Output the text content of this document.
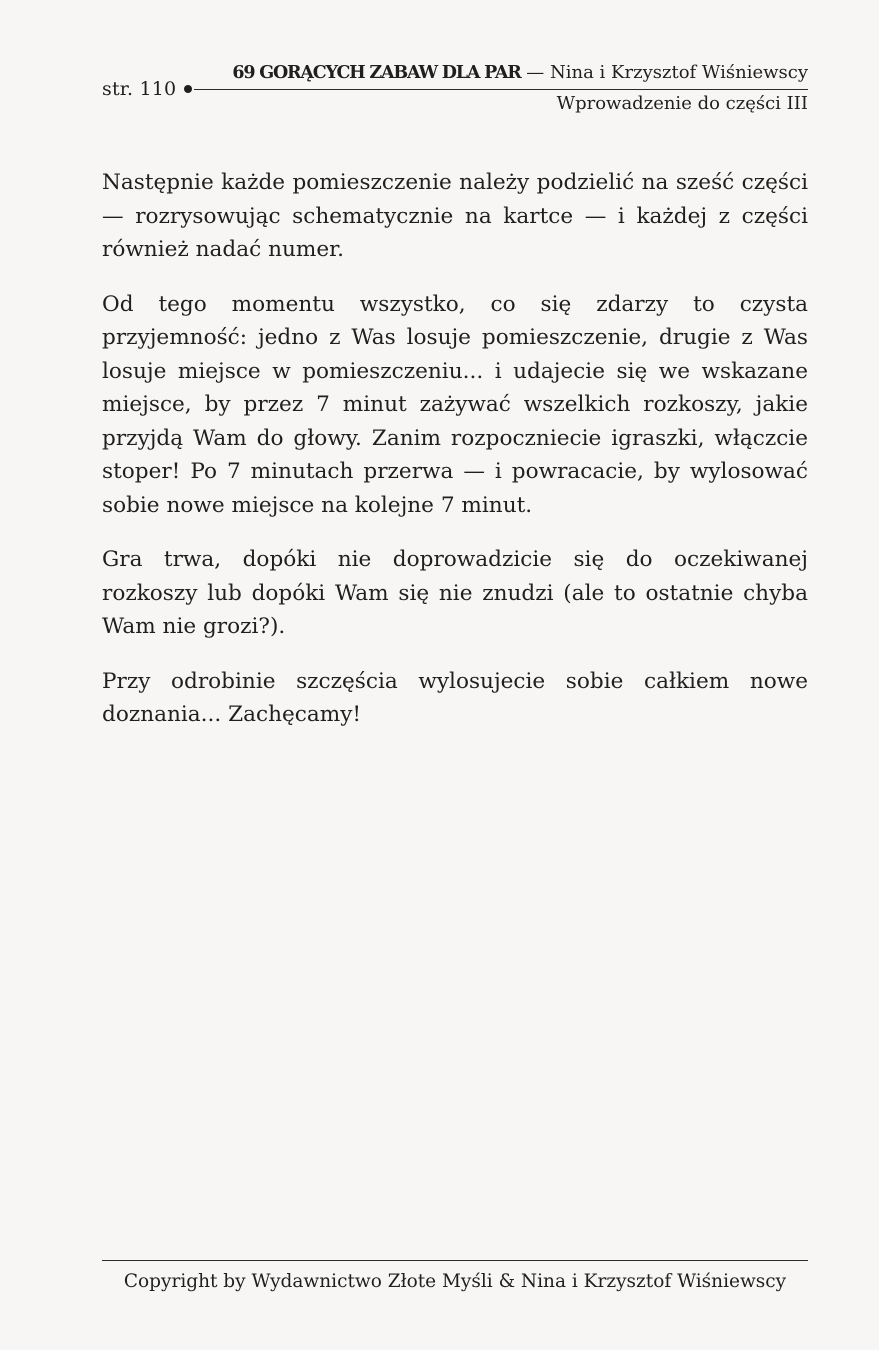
str. 110
69 GORĄCYCH ZABAW DLA PAR — Nina i Krzysztof Wiśniewscy
Wprowadzenie do części III

Następnie każde pomieszczenie należy podzielić na sześć części — rozrysowując schematycznie na kartce — i każdej z części również nadać numer.

Od tego momentu wszystko, co się zdarzy to czysta przyjemność: jedno z Was losuje pomieszczenie, drugie z Was losuje miejsce w pomieszczeniu... i udajecie się we wskazane miejsce, by przez 7 minut zażywać wszelkich rozkoszy, jakie przyjdą Wam do głowy. Zanim rozpoczniecie igraszki, włączcie stoper! Po 7 minutach przerwa — i powracacie, by wylosować sobie nowe miejsce na kolejne 7 minut.

Gra trwa, dopóki nie doprowadzicie się do oczekiwanej rozkoszy lub dopóki Wam się nie znudzi (ale to ostatnie chyba Wam nie grozi?).

Przy odrobinie szczęścia wylosujecie sobie całkiem nowe doznania... Zachęcamy!

Copyright by Wydawnictwo Złote Myśli & Nina i Krzysztof Wiśniewscy
